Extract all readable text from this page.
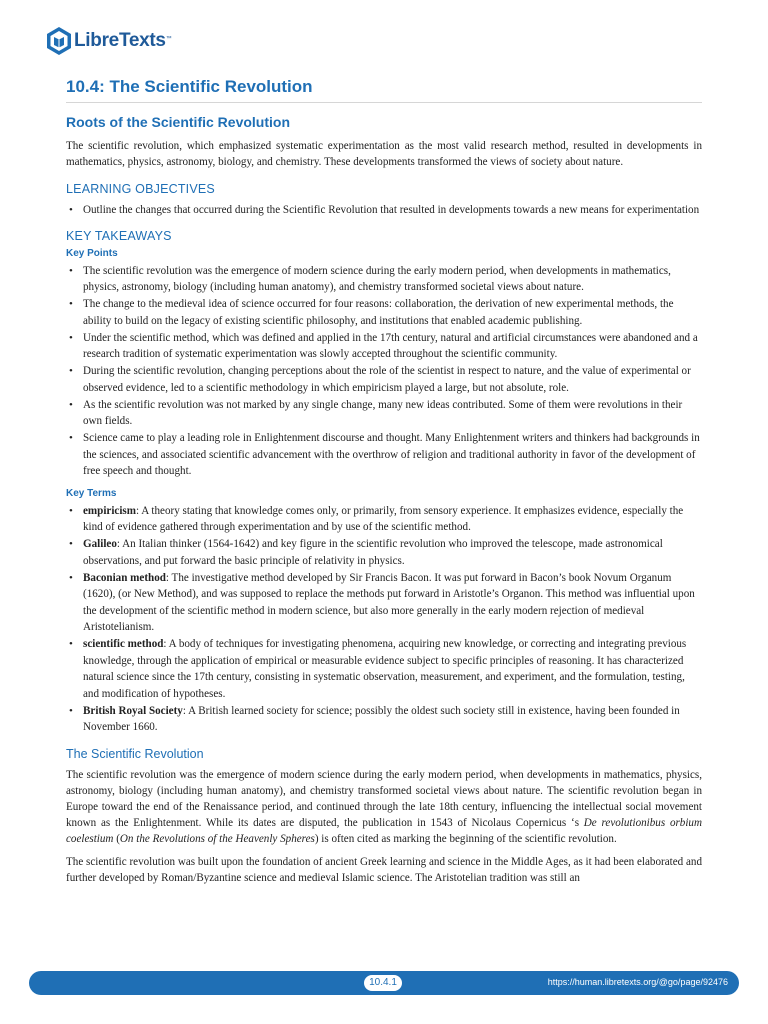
LibreTexts ™
10.4: The Scientific Revolution
Roots of the Scientific Revolution

The scientific revolution, which emphasized systematic experimentation as the most valid research method, resulted in developments in mathematics, physics, astronomy, biology, and chemistry. These developments transformed the views of society about nature.

LEARNING OBJECTIVES
• Outline the changes that occurred during the Scientific Revolution that resulted in developments towards a new means for experimentation
KEY TAKEAWAYS
Key Points
• The scientific revolution was the emergence of modern science during the early modern period, when developments in mathematics, physics, astronomy, biology (including human anatomy), and chemistry transformed societal views about nature.
• The change to the medieval idea of science occurred for four reasons: collaboration, the derivation of new experimental methods, the ability to build on the legacy of existing scientific philosophy, and institutions that enabled academic publishing.
• Under the scientific method, which was defined and applied in the 17th century, natural and artificial circumstances were abandoned and a research tradition of systematic experimentation was slowly accepted throughout the scientific community.
• During the scientific revolution, changing perceptions about the role of the scientist in respect to nature, and the value of experimental or observed evidence, led to a scientific methodology in which empiricism played a large, but not absolute, role.
• As the scientific revolution was not marked by any single change, many new ideas contributed. Some of them were revolutions in their own fields.
• Science came to play a leading role in Enlightenment discourse and thought. Many Enlightenment writers and thinkers had backgrounds in the sciences, and associated scientific advancement with the overthrow of religion and traditional authority in favor of the development of free speech and thought.
Key Terms
• empiricism: A theory stating that knowledge comes only, or primarily, from sensory experience. It emphasizes evidence, especially the kind of evidence gathered through experimentation and by use of the scientific method.
• Galileo: An Italian thinker (1564-1642) and key figure in the scientific revolution who improved the telescope, made astronomical observations, and put forward the basic principle of relativity in physics.
• Baconian method: The investigative method developed by Sir Francis Bacon. It was put forward in Bacon’s book Novum Organum (1620), (or New Method), and was supposed to replace the methods put forward in Aristotle’s Organon. This method was influential upon the development of the scientific method in modern science, but also more generally in the early modern rejection of medieval Aristotelianism.
• scientific method: A body of techniques for investigating phenomena, acquiring new knowledge, or correcting and integrating previous knowledge, through the application of empirical or measurable evidence subject to specific principles of reasoning. It has characterized natural science since the 17th century, consisting in systematic observation, measurement, and experiment, and the formulation, testing, and modification of hypotheses.
• British Royal Society: A British learned society for science; possibly the oldest such society still in existence, having been founded in November 1660.
The Scientific Revolution

The scientific revolution was the emergence of modern science during the early modern period, when developments in mathematics, physics, astronomy, biology (including human anatomy), and chemistry transformed societal views about nature. The scientific revolution began in Europe toward the end of the Renaissance period, and continued through the late 18th century, influencing the intellectual social movement known as the Enlightenment. While its dates are disputed, the publication in 1543 of Nicolaus Copernicus ‘s De revolutionibus orbium coelestium (On the Revolutions of the Heavenly Spheres) is often cited as marking the beginning of the scientific revolution.

The scientific revolution was built upon the foundation of ancient Greek learning and science in the Middle Ages, as it had been elaborated and further developed by Roman/Byzantine science and medieval Islamic science. The Aristotelian tradition was still an

10.4.1	https://human.libretexts.org/@go/page/92476
